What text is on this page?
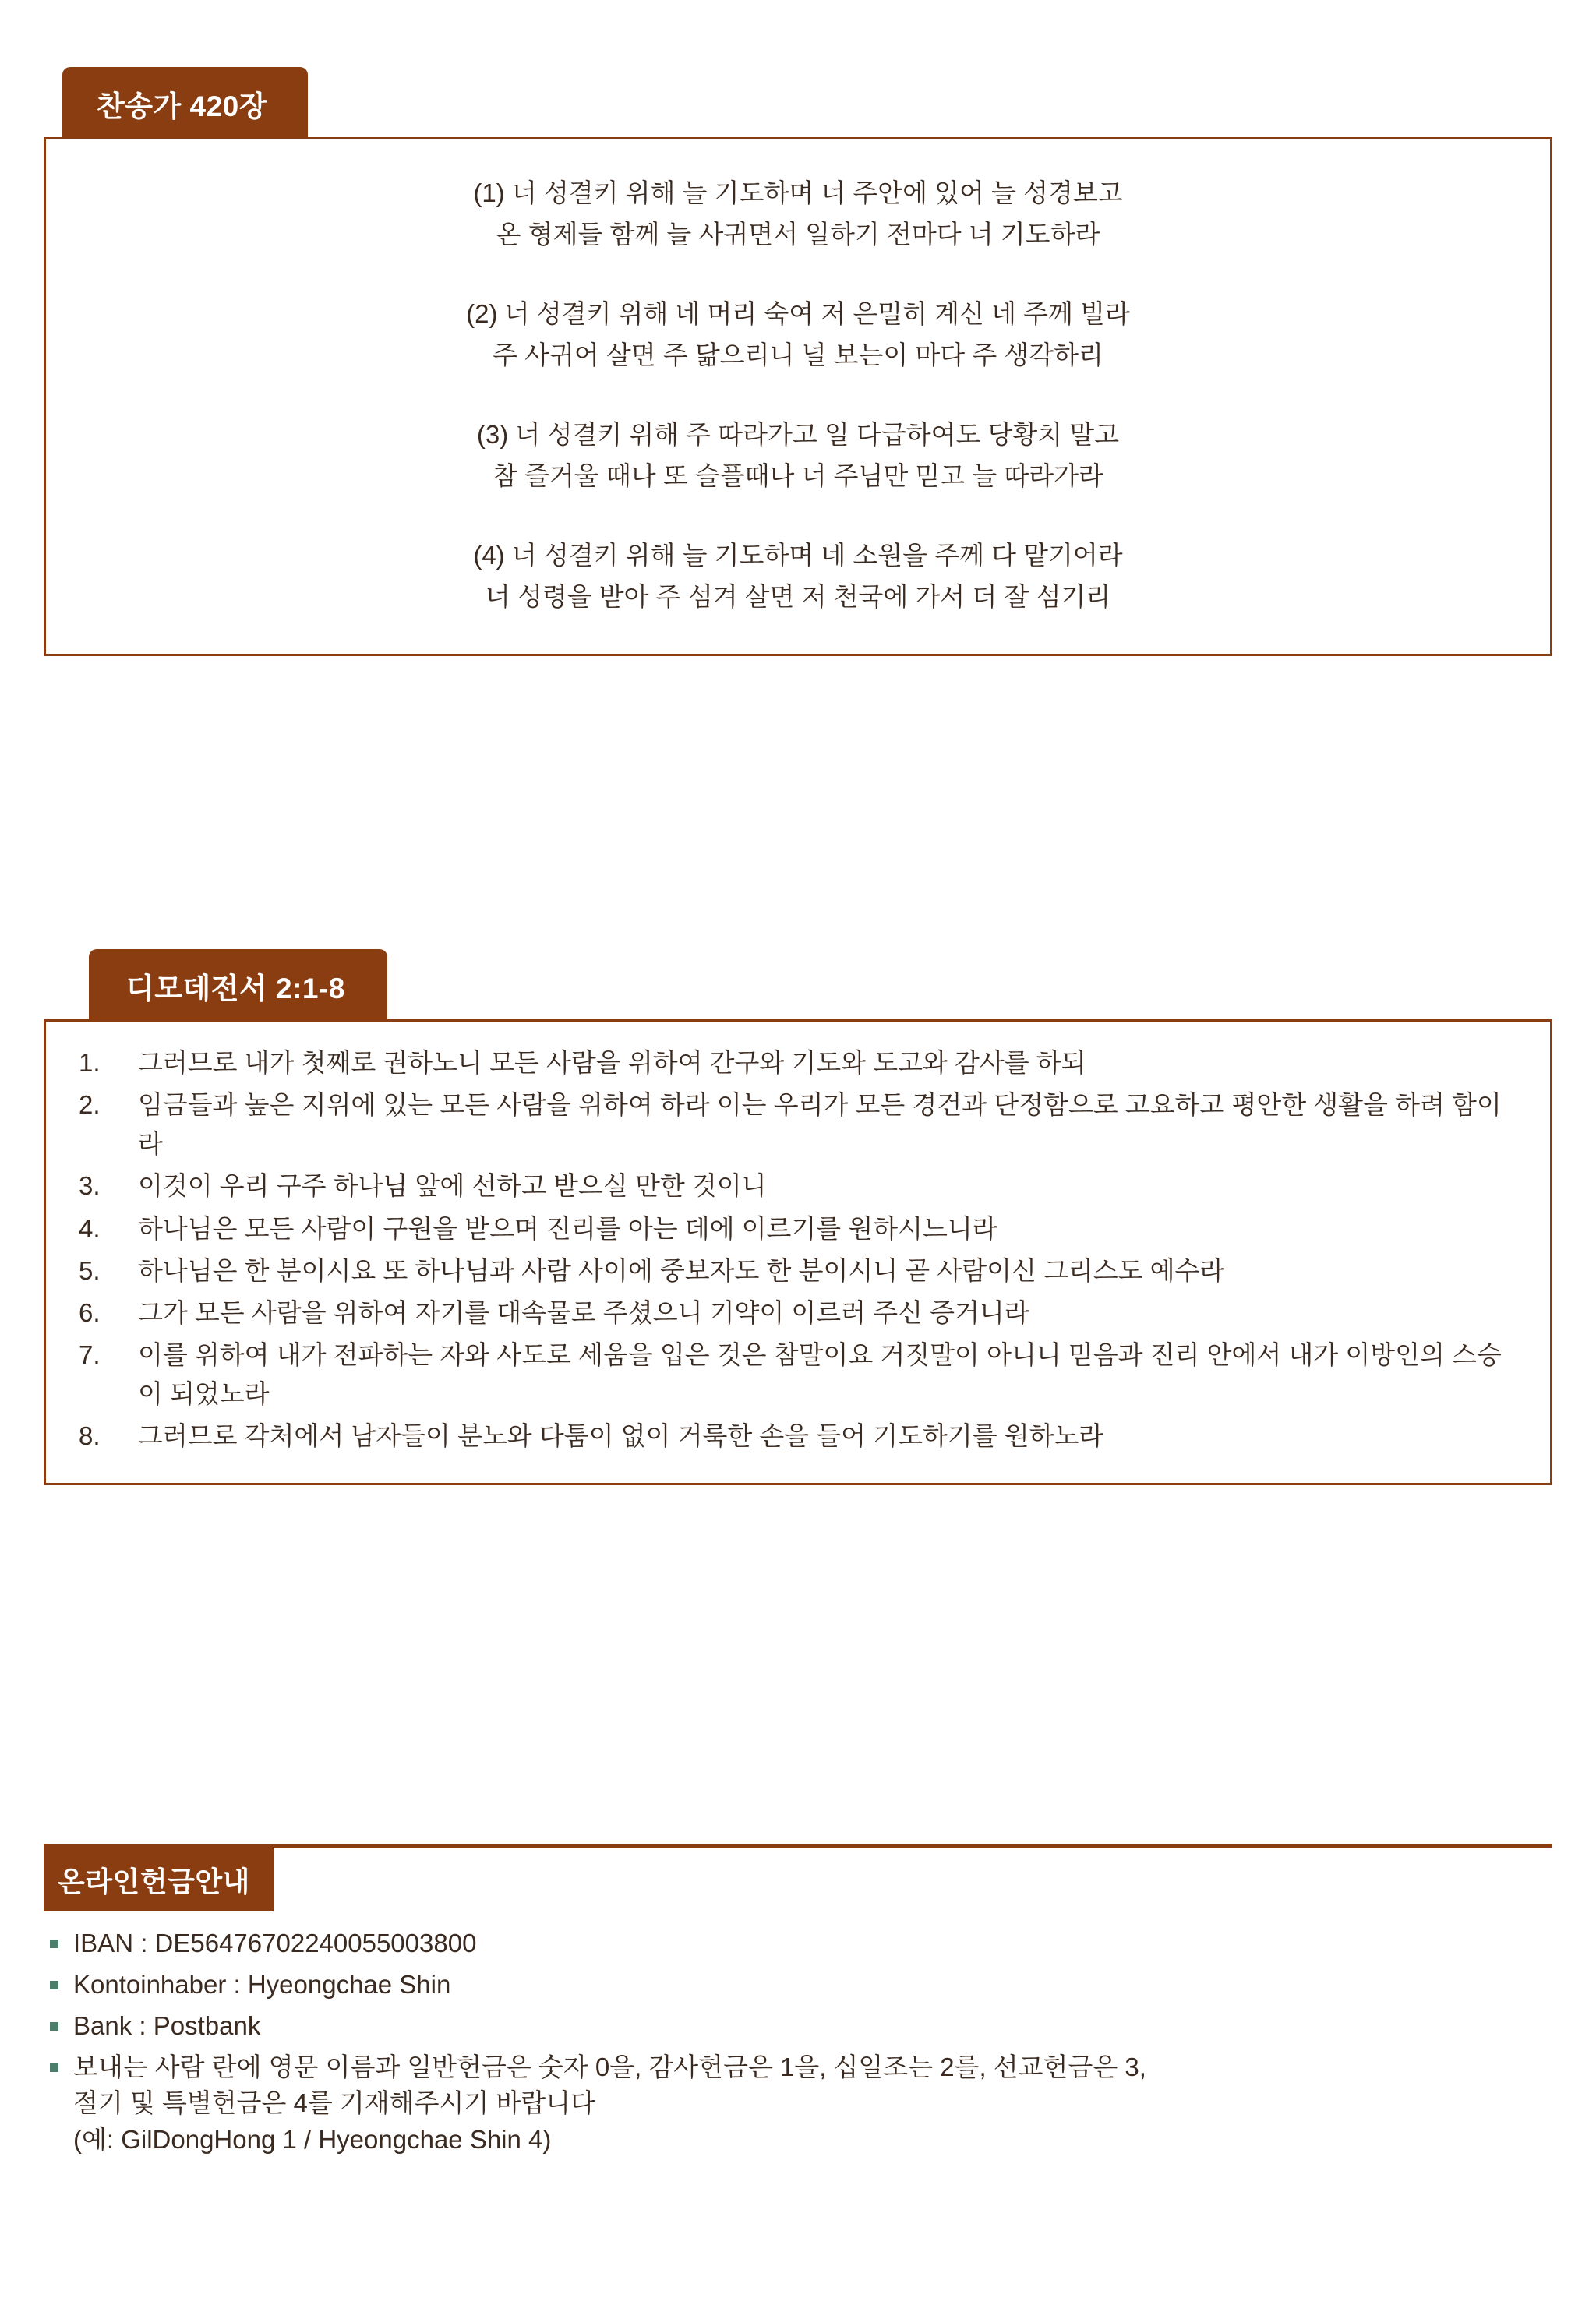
찬송가 420장
(1) 너 성결키 위해 늘 기도하며 너 주안에 있어 늘 성경보고
온 형제들 함께 늘 사귀면서 일하기 전마다 너 기도하라
(2) 너 성결키 위해 네 머리 숙여 저 은밀히 계신 네 주께 빌라
주 사귀어 살면 주 닮으리니 널 보는이 마다 주 생각하리
(3) 너 성결키 위해 주 따라가고 일 다급하여도 당황치 말고
참 즐거울 때나 또 슬플때나 너 주님만 믿고 늘 따라가라
(4) 너 성결키 위해 늘 기도하며 네 소원을 주께 다 맡기어라
너 성령을 받아 주 섬겨 살면 저 천국에 가서 더 잘 섬기리
디모데전서 2:1-8
그러므로 내가 첫째로 권하노니 모든 사람을 위하여 간구와 기도와 도고와 감사를 하되
임금들과 높은 지위에 있는 모든 사람을 위하여 하라 이는 우리가 모든 경건과 단정함으로 고요하고 평안한 생활을 하려 함이라
이것이 우리 구주 하나님 앞에 선하고 받으실 만한 것이니
하나님은 모든 사람이 구원을 받으며 진리를 아는 데에 이르기를 원하시느니라
하나님은 한 분이시요 또 하나님과 사람 사이에 중보자도 한 분이시니 곧 사람이신 그리스도 예수라
그가 모든 사람을 위하여 자기를 대속물로 주셨으니 기약이 이르러 주신 증거니라
이를 위하여 내가 전파하는 자와 사도로 세움을 입은 것은 참말이요 거짓말이 아니니 믿음과 진리 안에서 내가 이방인의 스승이 되었노라
그러므로 각처에서 남자들이 분노와 다툼이 없이 거룩한 손을 들어 기도하기를 원하노라
온라인헌금안내
IBAN : DE56476702240055003800
Kontoinhaber : Hyeongchae Shin
Bank : Postbank
보내는 사람 란에 영문 이름과 일반헌금은 숫자 0을, 감사헌금은 1을, 십일조는 2를, 선교헌금은 3,
절기 및 특별헌금은 4를 기재해주시기 바랍니다
(예: GilDongHong 1 / Hyeongchae Shin 4)
